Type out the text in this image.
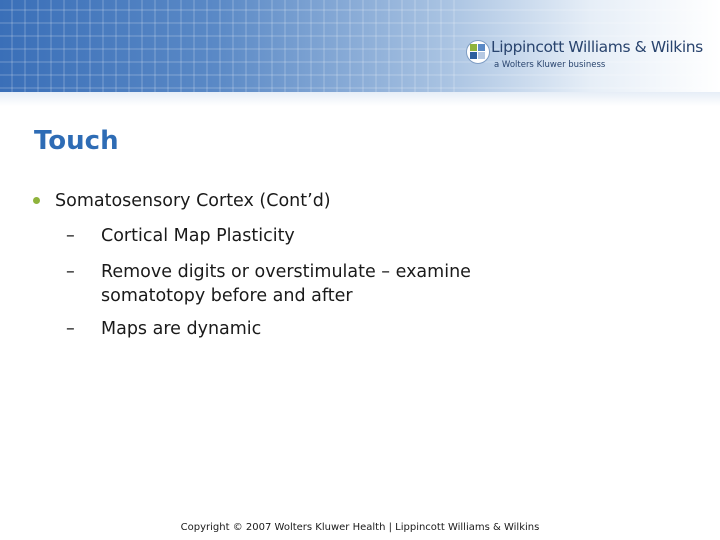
Lippincott Williams & Wilkins
a Wolters Kluwer business
Touch
Somatosensory Cortex (Cont’d)
– Cortical Map Plasticity
– Remove digits or overstimulate – examine somatotopy before and after
– Maps are dynamic
Copyright © 2007 Wolters Kluwer Health | Lippincott Williams & Wilkins
